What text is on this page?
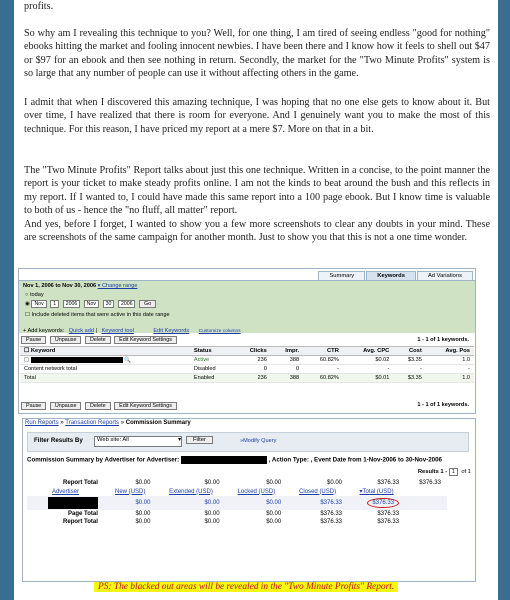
profits.
So why am I revealing this technique to you? Well, for one thing, I am tired of seeing endless "good for nothing" ebooks hitting the market and fooling innocent newbies. I have been there and I know how it feels to shell out $47 or $97 for an ebook and then see nothing in return. Secondly, the market for the "Two Minute Profits" system is so large that any number of people can use it without affecting others in the game.
I admit that when I discovered this amazing technique, I was hoping that no one else gets to know about it. But over time, I have realized that there is room for everyone. And I genuinely want you to make the most of this technique. For this reason, I have priced my report at a mere $7. More on that in a bit.
The "Two Minute Profits" Report talks about just this one technique. Written in a concise, to the point manner the report is your ticket to make steady profits online. I am not the kinds to beat around the bush and this reflects in my report. If I wanted to, I could have made this same report into a 100 page ebook. But I know time is valuable to both of us - hence the "no fluff, all matter" report.
And yes, before I forget, I wanted to show you a few more screenshots to clear any doubts in your mind. These are screenshots of the same campaign for another month. Just to show you that this is not a one time wonder.
Summary	Keywords	Ad Variations
Nov 1, 2006 to Nov 30, 2006 ▾ Change range
○ today
◉ Nov 1 2006 Nov 30 2006 Go
☐ Include deleted items that were active in this date range
+ Add keywords: Quick add | Keyword tool	Edit Keywords Customize columns
Pause	Unpause	Delete	Edit Keyword Settings	1 - 1 of 1 keywords.
☐ Keyword	Status	Clicks	Impr.	CTR	Avg. CPC	Cost	Avg. Pos
☐ 🔍	Active	236	388	60.82%	$0.02	$3.35	1.0
Content network total	Disabled	0	0	-	-	-	-
Total	Enabled	236	388	60.82%	$0.01	$3.35	1.0
Pause	Unpause	Delete	Edit Keyword Settings	1 - 1 of 1 keywords.
Run Reports » Transaction Reports » Commission Summary
Filter Results By	Web site: All	▾	Filter	»Modify Query
Commission Summary by Advertiser for Advertiser:	, Action Type: , Event Date from 1-Nov-2006 to 30-Nov-2006
Results 1 - 1 of 1
Report Total	$0.00	$0.00	$0.00	$0.00	$376.33	$376.33
Advertiser	New (USD)	Extended (USD)	Locked (USD)	Closed (USD)	▾Total (USD)	

	$0.00	$0.00	$0.00	$376.33	$376.33	
Page Total	$0.00	$0.00	$0.00	$376.33	$376.33	
Report Total	$0.00	$0.00	$0.00	$376.33	$376.33	
PS: The blacked out areas will be revealed in the "Two Minute Profits" Report.
